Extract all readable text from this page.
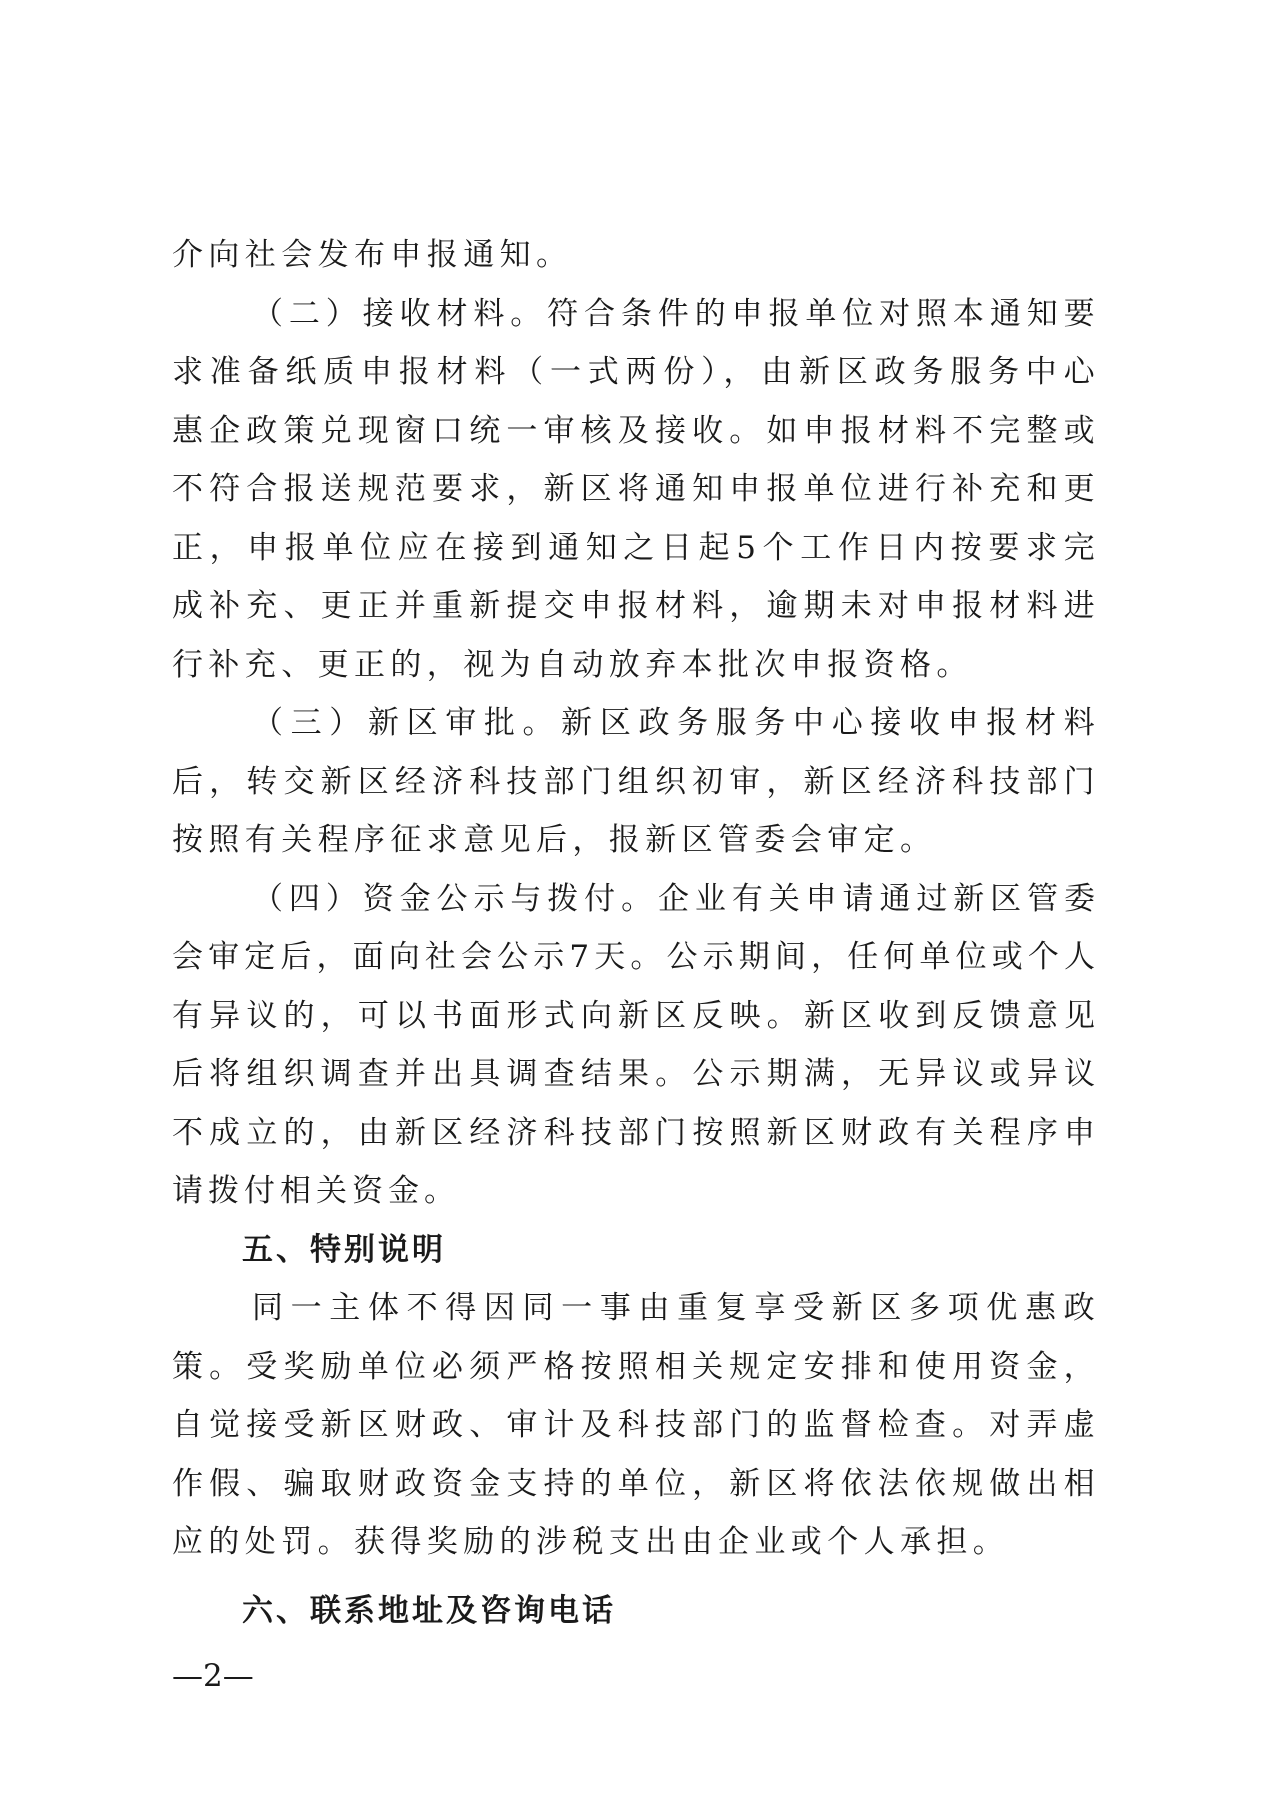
介向社会发布申报通知。

（二）接收材料。符合条件的申报单位对照本通知要求准备纸质申报材料（一式两份），由新区政务服务中心惠企政策兑现窗口统一审核及接收。如申报材料不完整或不符合报送规范要求，新区将通知申报单位进行补充和更正，申报单位应在接到通知之日起5个工作日内按要求完成补充、更正并重新提交申报材料，逾期未对申报材料进行补充、更正的，视为自动放弃本批次申报资格。

（三）新区审批。新区政务服务中心接收申报材料后，转交新区经济科技部门组织初审，新区经济科技部门按照有关程序征求意见后，报新区管委会审定。

（四）资金公示与拨付。企业有关申请通过新区管委会审定后，面向社会公示7天。公示期间，任何单位或个人有异议的，可以书面形式向新区反映。新区收到反馈意见后将组织调查并出具调查结果。公示期满，无异议或异议不成立的，由新区经济科技部门按照新区财政有关程序申请拨付相关资金。

五、特别说明

同一主体不得因同一事由重复享受新区多项优惠政策。受奖励单位必须严格按照相关规定安排和使用资金，自觉接受新区财政、审计及科技部门的监督检查。对弄虚作假、骗取财政资金支持的单位，新区将依法依规做出相应的处罚。获得奖励的涉税支出由企业或个人承担。

六、联系地址及咨询电话
—2—
